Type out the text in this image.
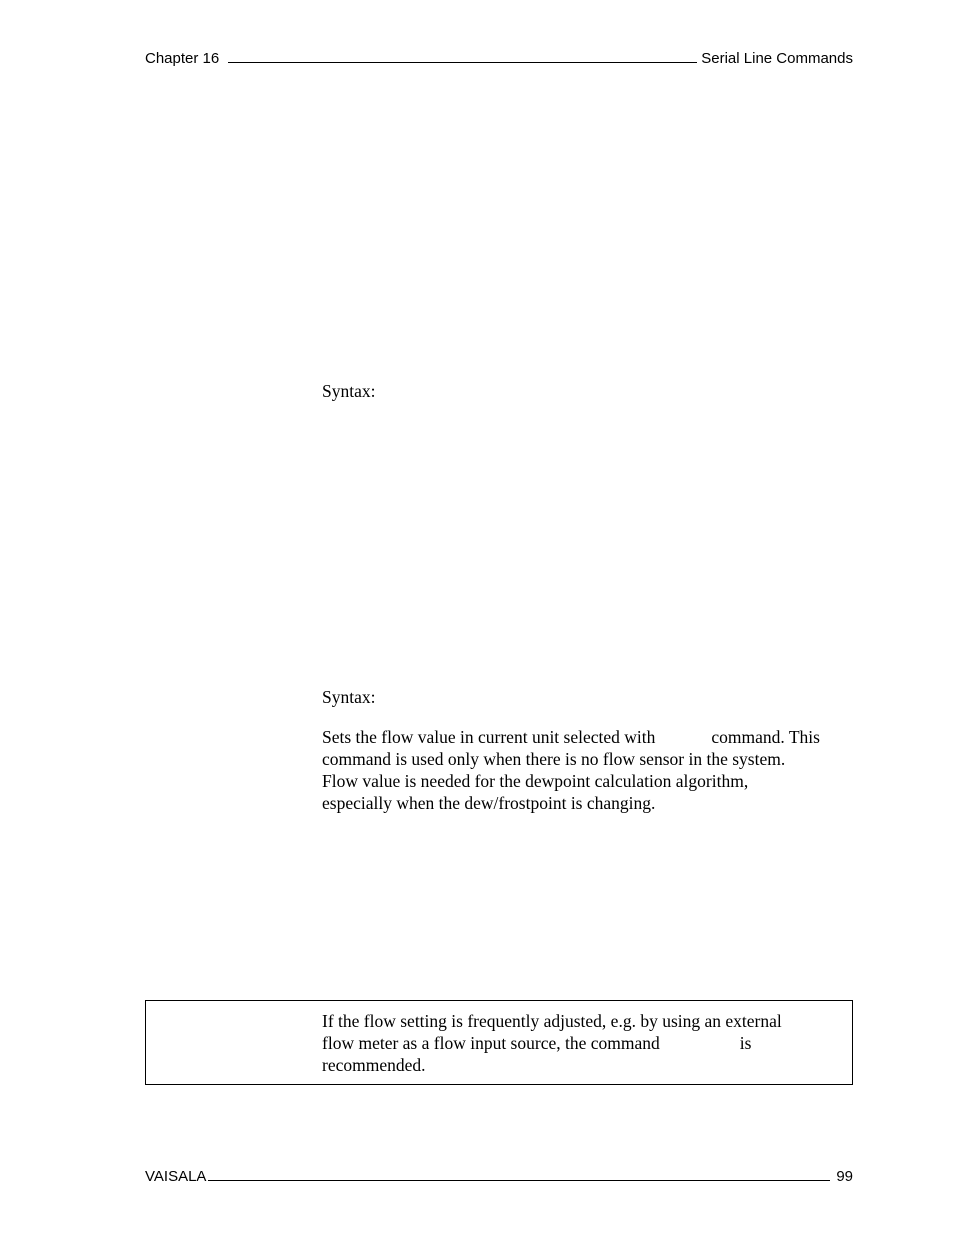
Chapter 16	Serial Line Commands
Syntax:
Syntax:
Sets the flow value in current unit selected with	command. This
command is used only when there is no flow sensor in the system.
Flow value is needed for the dewpoint calculation algorithm,
especially when the dew/frostpoint is changing.
If the flow setting is frequently adjusted, e.g. by using an external
flow meter as a flow input source, the command	is
recommended.
VAISALA	99
